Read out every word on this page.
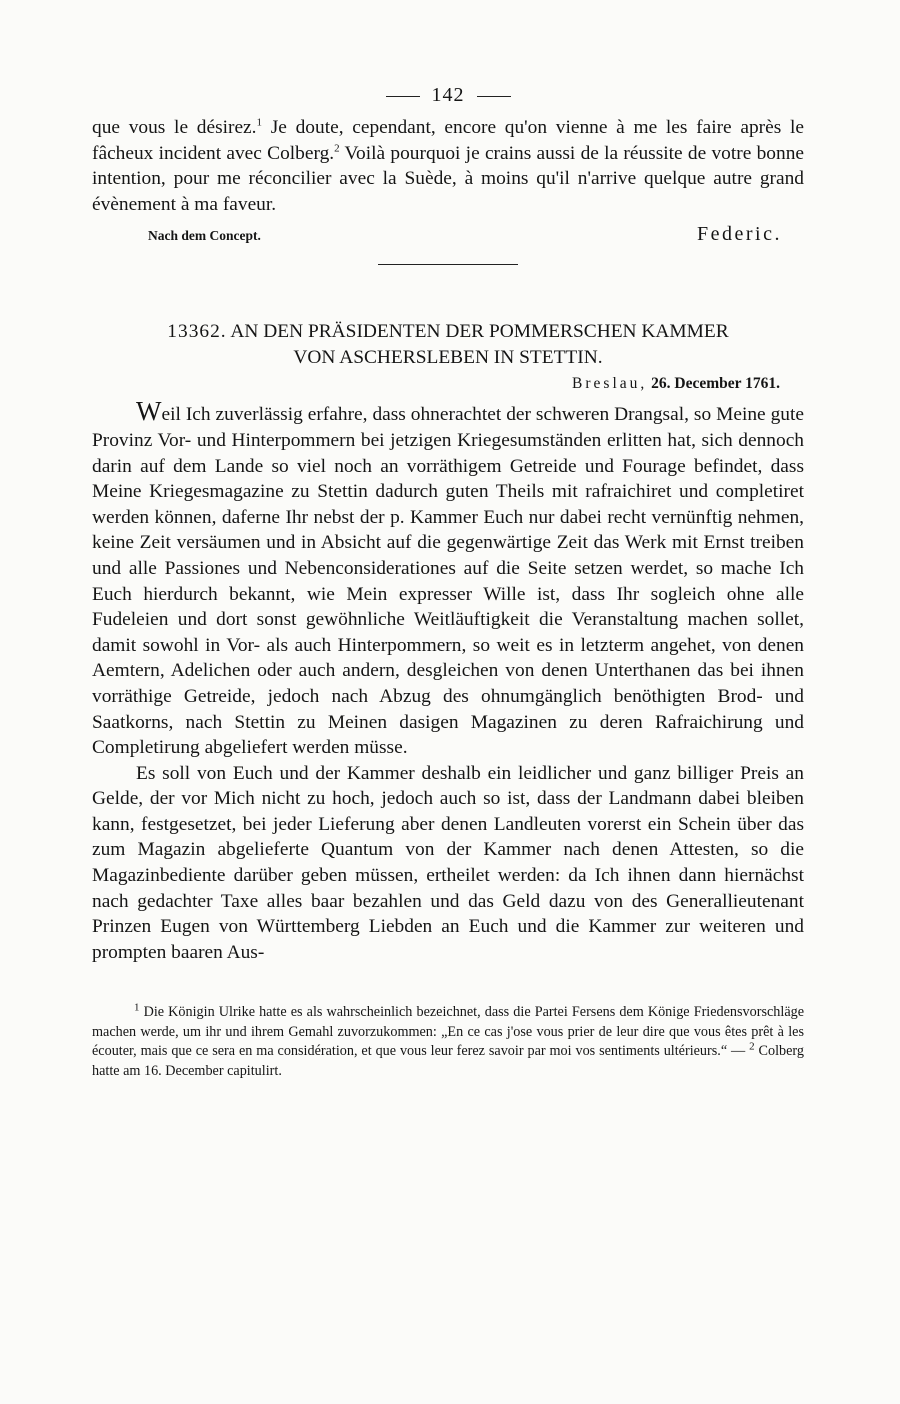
142

que vous le désirez.$^1$ Je doute, cependant, encore qu'on vienne à me les faire après le fâcheux incident avec Colberg.$^2$ Voilà pourquoi je crains aussi de la réussite de votre bonne intention, pour me réconcilier avec la Suède, à moins qu'il n'arrive quelque autre grand évènement à ma faveur.

Nach dem Concept.	Federic.
13362. AN DEN PRÄSIDENTEN DER POMMERSCHEN KAMMER
VON ASCHERSLEBEN IN STETTIN.
Breslau, 26. December 1761.

Weil Ich zuverlässig erfahre, dass ohnerachtet der schweren Drangsal, so Meine gute Provinz Vor- und Hinterpommern bei jetzigen Kriegesumständen erlitten hat, sich dennoch darin auf dem Lande so viel noch an vorräthigem Getreide und Fourage befindet, dass Meine Kriegesmagazine zu Stettin dadurch guten Theils mit rafraichiret und completiret werden können, daferne Ihr nebst der p. Kammer Euch nur dabei recht vernünftig nehmen, keine Zeit versäumen und in Absicht auf die gegenwärtige Zeit das Werk mit Ernst treiben und alle Passiones und Nebenconsiderationes auf die Seite setzen werdet, so mache Ich Euch hierdurch bekannt, wie Mein expresser Wille ist, dass Ihr sogleich ohne alle Fudeleien und dort sonst gewöhnliche Weitläuftigkeit die Veranstaltung machen sollet, damit sowohl in Vor- als auch Hinterpommern, so weit es in letzterm angehet, von denen Aemtern, Adelichen oder auch andern, desgleichen von denen Unterthanen das bei ihnen vorräthige Getreide, jedoch nach Abzug des ohnumgänglich benöthigten Brod- und Saatkorns, nach Stettin zu Meinen dasigen Magazinen zu deren Rafraichirung und Completirung abgeliefert werden müsse.

Es soll von Euch und der Kammer deshalb ein leidlicher und ganz billiger Preis an Gelde, der vor Mich nicht zu hoch, jedoch auch so ist, dass der Landmann dabei bleiben kann, festgesetzet, bei jeder Lieferung aber denen Landleuten vorerst ein Schein über das zum Magazin abgelieferte Quantum von der Kammer nach denen Attesten, so die Magazinbediente darüber geben müssen, ertheilet werden: da Ich ihnen dann hiernächst nach gedachter Taxe alles baar bezahlen und das Geld dazu von des Generallieutenant Prinzen Eugen von Württemberg Liebden an Euch und die Kammer zur weiteren und prompten baaren Aus-

$^1$ Die Königin Ulrike hatte es als wahrscheinlich bezeichnet, dass die Partei Fersens dem Könige Friedensvorschläge machen werde, um ihr und ihrem Gemahl zuvorzukommen: „En ce cas j'ose vous prier de leur dire que vous êtes prêt à les écouter, mais que ce sera en ma considération, et que vous leur ferez savoir par moi vos sentiments ultérieurs.“ — $^2$ Colberg hatte am 16. December capitulirt.
